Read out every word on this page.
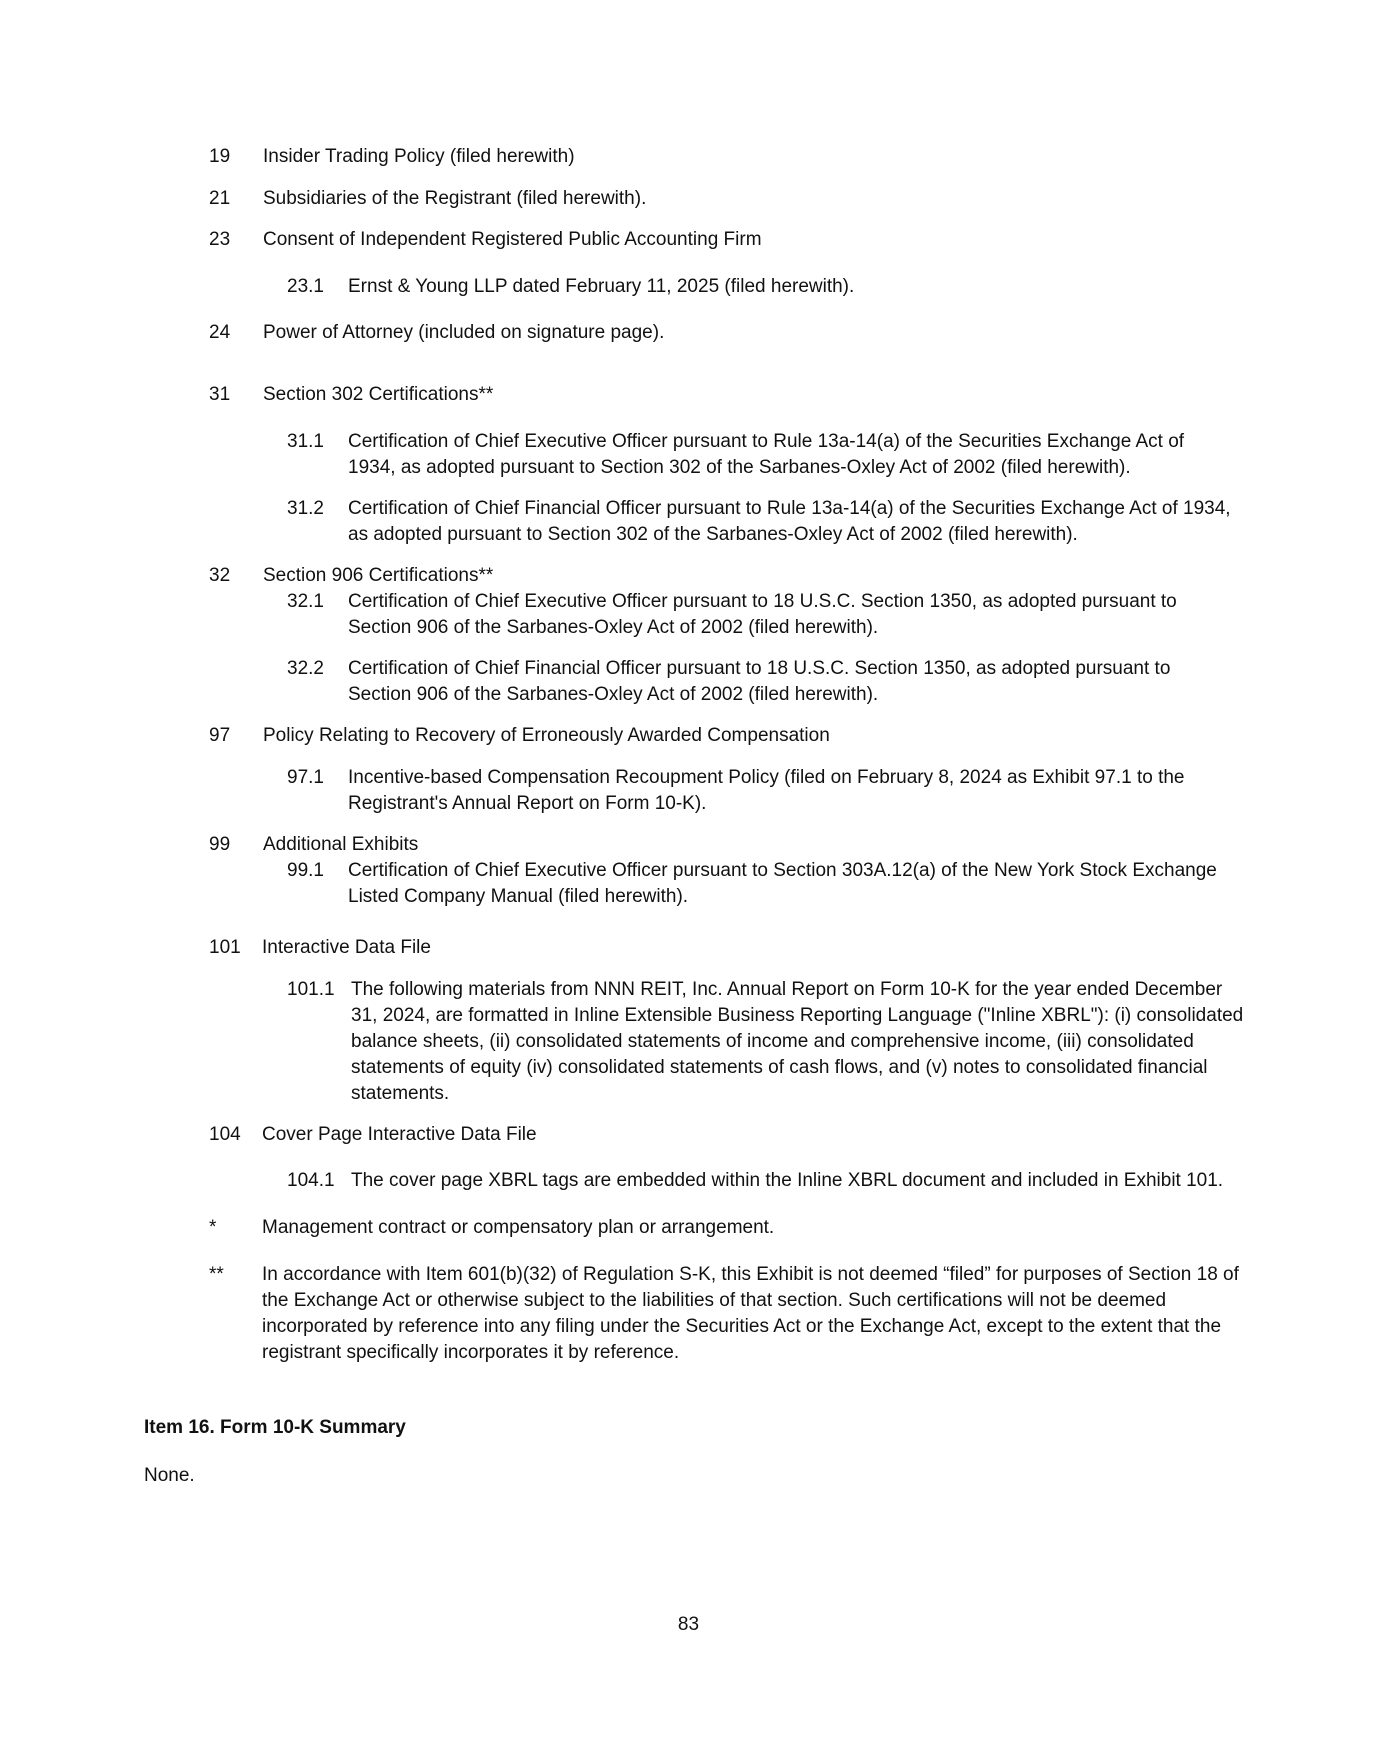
19	Insider Trading Policy (filed herewith)
21	Subsidiaries of the Registrant (filed herewith).
23	Consent of Independent Registered Public Accounting Firm
23.1	Ernst & Young LLP dated February 11, 2025 (filed herewith).
24	Power of Attorney (included on signature page).
31	Section 302 Certifications**
31.1	Certification of Chief Executive Officer pursuant to Rule 13a-14(a) of the Securities Exchange Act of 1934, as adopted pursuant to Section 302 of the Sarbanes-Oxley Act of 2002 (filed herewith).
31.2	Certification of Chief Financial Officer pursuant to Rule 13a-14(a) of the Securities Exchange Act of 1934, as adopted pursuant to Section 302 of the Sarbanes-Oxley Act of 2002 (filed herewith).
32	Section 906 Certifications**
32.1	Certification of Chief Executive Officer pursuant to 18 U.S.C. Section 1350, as adopted pursuant to Section 906 of the Sarbanes-Oxley Act of 2002 (filed herewith).
32.2	Certification of Chief Financial Officer pursuant to 18 U.S.C. Section 1350, as adopted pursuant to Section 906 of the Sarbanes-Oxley Act of 2002 (filed herewith).
97	Policy Relating to Recovery of Erroneously Awarded Compensation
97.1	Incentive-based Compensation Recoupment Policy (filed on February 8, 2024 as Exhibit 97.1 to the Registrant's Annual Report on Form 10-K).
99	Additional Exhibits
99.1	Certification of Chief Executive Officer pursuant to Section 303A.12(a) of the New York Stock Exchange Listed Company Manual (filed herewith).
101	Interactive Data File
101.1 The following materials from NNN REIT, Inc. Annual Report on Form 10-K for the year ended December 31, 2024, are formatted in Inline Extensible Business Reporting Language ("Inline XBRL"): (i) consolidated balance sheets, (ii) consolidated statements of income and comprehensive income, (iii) consolidated statements of equity (iv) consolidated statements of cash flows, and (v) notes to consolidated financial statements.
104	Cover Page Interactive Data File
104.1 The cover page XBRL tags are embedded within the Inline XBRL document and included in Exhibit 101.
*	Management contract or compensatory plan or arrangement.
**	In accordance with Item 601(b)(32) of Regulation S-K, this Exhibit is not deemed “filed” for purposes of Section 18 of the Exchange Act or otherwise subject to the liabilities of that section. Such certifications will not be deemed incorporated by reference into any filing under the Securities Act or the Exchange Act, except to the extent that the registrant specifically incorporates it by reference.
Item 16. Form 10-K Summary
None.
83
